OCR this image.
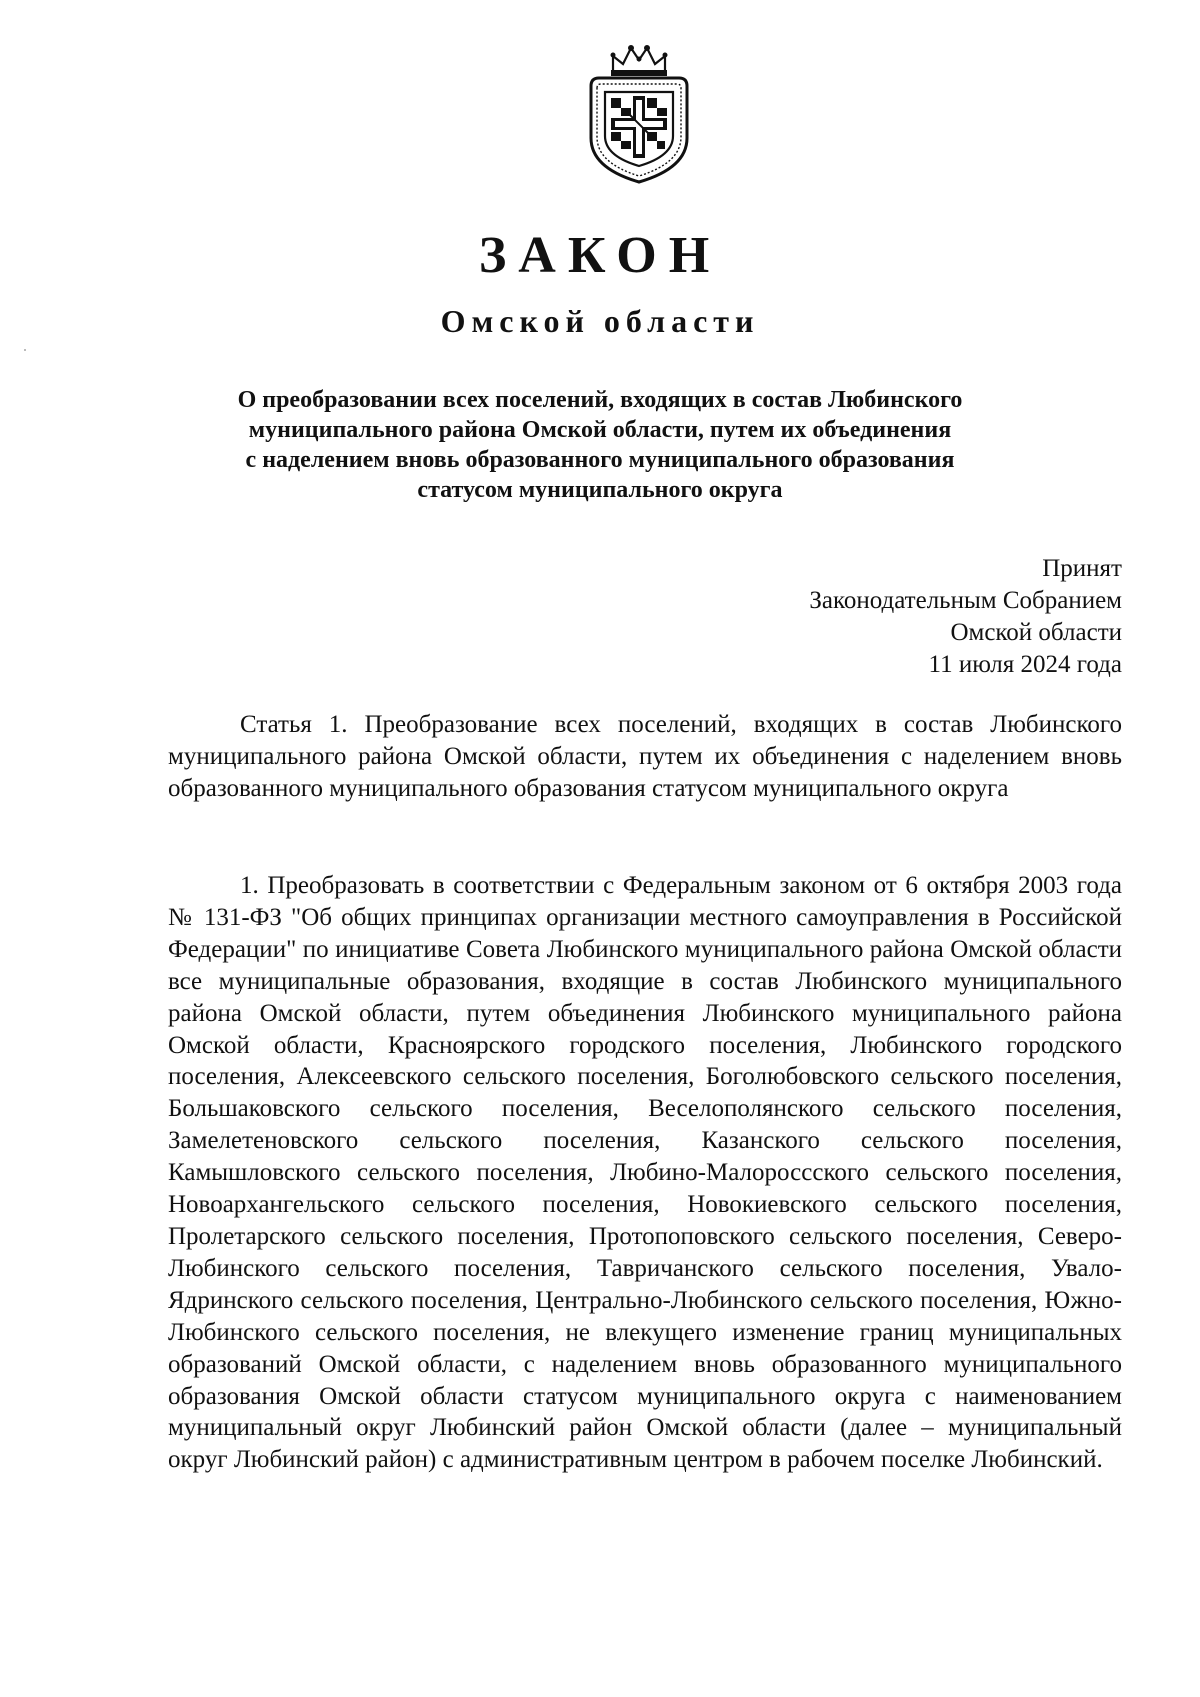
ЗАКОН
Омской области
О преобразовании всех поселений, входящих в состав Любинского
муниципального района Омской области, путем их объединения
с наделением вновь образованного муниципального образования
статусом муниципального округа
Принят
Законодательным Собранием
Омской области
11 июля 2024 года
Статья 1. Преобразование всех поселений, входящих в состав Любинского муниципального района Омской области, путем их объединения с наделением вновь образованного муниципального образования статусом муниципального округа
1. Преобразовать в соответствии с Федеральным законом от 6 октября 2003 года № 131-ФЗ "Об общих принципах организации местного самоуправления в Российской Федерации" по инициативе Совета Любинского муниципального района Омской области все муниципальные образования, входящие в состав Любинского муниципального района Омской области, путем объединения Любинского муниципального района Омской области, Красноярского городского поселения, Любинского городского поселения, Алексеевского сельского поселения, Боголюбовского сельского поселения, Большаковского сельского поселения, Веселополянского сельского поселения, Замелетеновского сельского поселения, Казанского сельского поселения, Камышловского сельского поселения, Любино-Малороссского сельского поселения, Новоархангельского сельского поселения, Новокиевского сельского поселения, Пролетарского сельского поселения, Протопоповского сельского поселения, Северо-Любинского сельского поселения, Тавричанского сельского поселения, Увало-Ядринского сельского поселения, Центрально-Любинского сельского поселения, Южно-Любинского сельского поселения, не влекущего изменение границ муниципальных образований Омской области, с наделением вновь образованного муниципального образования Омской области статусом муниципального округа с наименованием муниципальный округ Любинский район Омской области (далее – муниципальный округ Любинский район) с административным центром в рабочем поселке Любинский.
